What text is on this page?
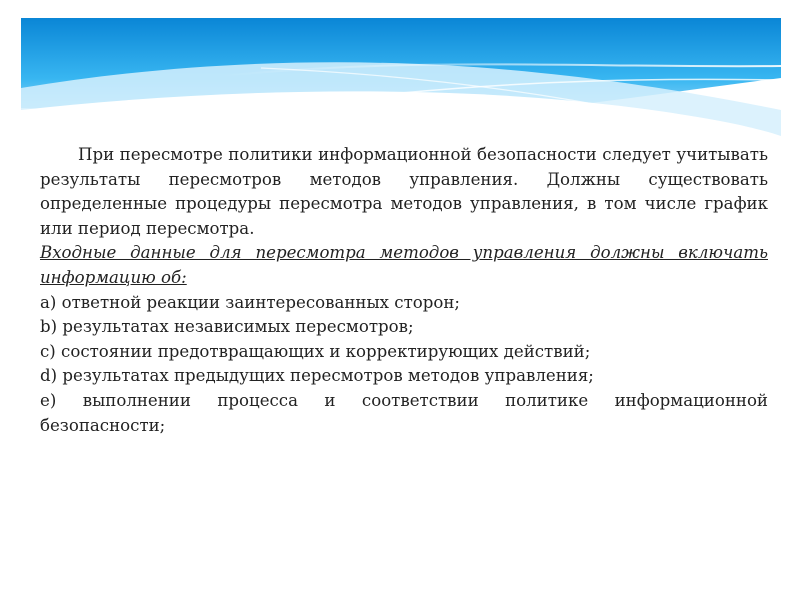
При пересмотре политики информационной безопасности следует учитывать результаты пересмотров методов управления. Должны существовать определенные процедуры пересмотра методов управления, в том числе график или период пересмотра.

Входные данные для пересмотра методов управления должны включать информацию об:

a) ответной реакции заинтересованных сторон;

b) результатах независимых пересмотров;

c) состоянии предотвращающих и корректирующих действий;

d) результатах предыдущих пересмотров методов управления;

e) выполнении процесса и соответствии политике информационной безопасности;
